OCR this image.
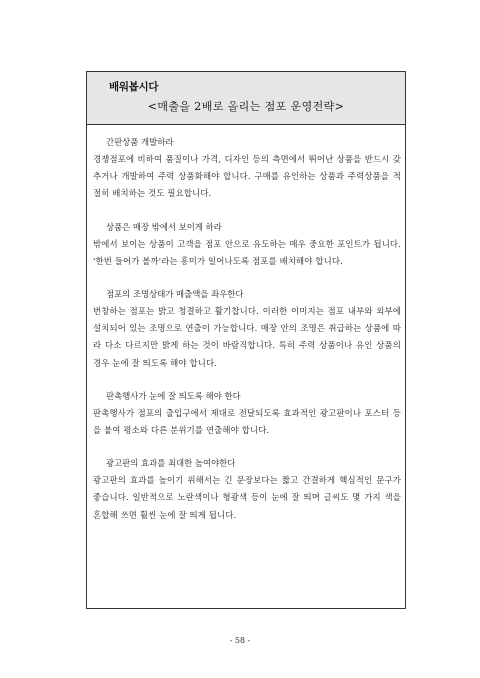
배워봅시다
<매출을 2배로 올리는 점포 운영전략>
간판상품 개발하라
경쟁점포에 비하여 품질이나 가격, 디자인 등의 측면에서 뛰어난 상품을 반드시 갖추거나 개발하여 주력 상품화해야 합니다. 구매를 유인하는 상품과 주력상품을 적절히 배치하는 것도 필요합니다.
상품은 매장 밖에서 보이게 하라
밖에서 보이는 상품이 고객을 점포 안으로 유도하는 매우 중요한 포인트가 됩니다. '한번 들어가 볼까'라는 흥미가 일어나도록 점포를 배치해야 합니다.
점포의 조명상태가 매출액을 좌우한다
번창하는 점포는 밝고 청결하고 활기찹니다. 이러한 이미지는 점포 내부와 외부에 설치되어 있는 조명으로 연출이 가능합니다. 매장 안의 조명은 취급하는 상품에 따라 다소 다르지만 밝게 하는 것이 바람직합니다. 특히 주력 상품이나 유인 상품의 경우 눈에 잘 띄도록 해야 합니다.
판촉행사가 눈에 잘 띄도록 해야 한다
판촉행사가 점포의 출입구에서 제대로 전달되도록 효과적인 광고판이나 포스터 등을 붙여 평소와 다른 분위기를 연출해야 합니다.
광고판의 효과를 최대한 높여야한다
광고판의 효과를 높이기 위해서는 긴 문장보다는 짧고 간결하게 핵심적인 문구가 좋습니다. 일반적으로 노란색이나 형광색 등이 눈에 잘 띄며 글씨도 몇 가지 색을 혼합해 쓰면 훨씬 눈에 잘 띄게 됩니다.
- 58 -
